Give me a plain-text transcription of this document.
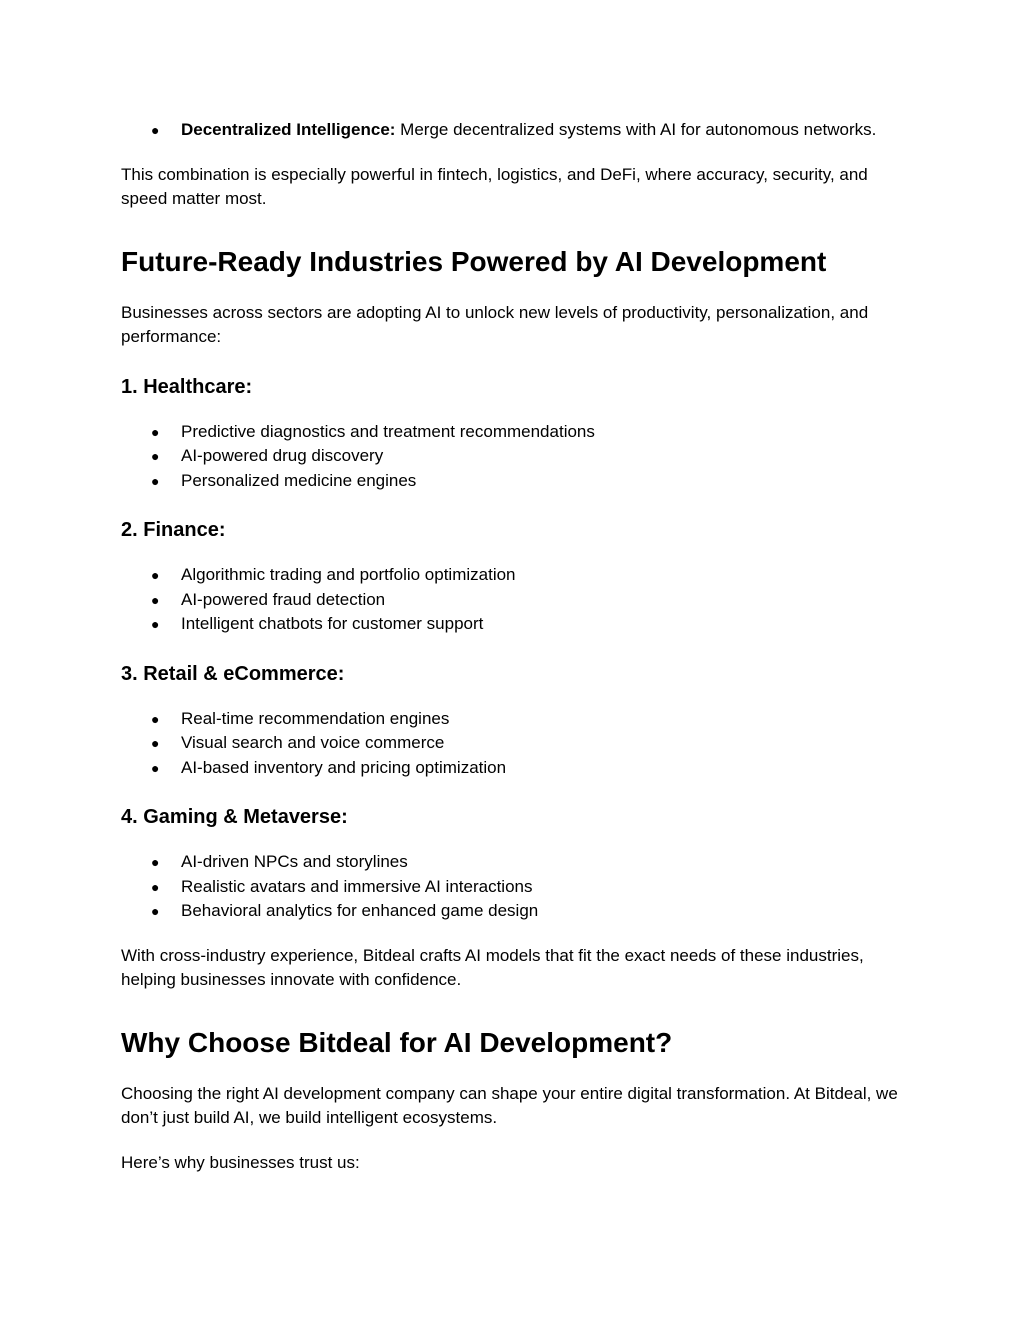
● Decentralized Intelligence: Merge decentralized systems with AI for autonomous networks.

This combination is especially powerful in fintech, logistics, and DeFi, where accuracy, security, and speed matter most.

Future-Ready Industries Powered by AI Development

Businesses across sectors are adopting AI to unlock new levels of productivity, personalization, and performance:

1. Healthcare:
● Predictive diagnostics and treatment recommendations
● AI-powered drug discovery
● Personalized medicine engines
2. Finance:
● Algorithmic trading and portfolio optimization
● AI-powered fraud detection
● Intelligent chatbots for customer support
3. Retail & eCommerce:
● Real-time recommendation engines
● Visual search and voice commerce
● AI-based inventory and pricing optimization
4. Gaming & Metaverse:
● AI-driven NPCs and storylines
● Realistic avatars and immersive AI interactions
● Behavioral analytics for enhanced game design

With cross-industry experience, Bitdeal crafts AI models that fit the exact needs of these industries, helping businesses innovate with confidence.

Why Choose Bitdeal for AI Development?

Choosing the right AI development company can shape your entire digital transformation. At Bitdeal, we don’t just build AI, we build intelligent ecosystems.

Here’s why businesses trust us:
